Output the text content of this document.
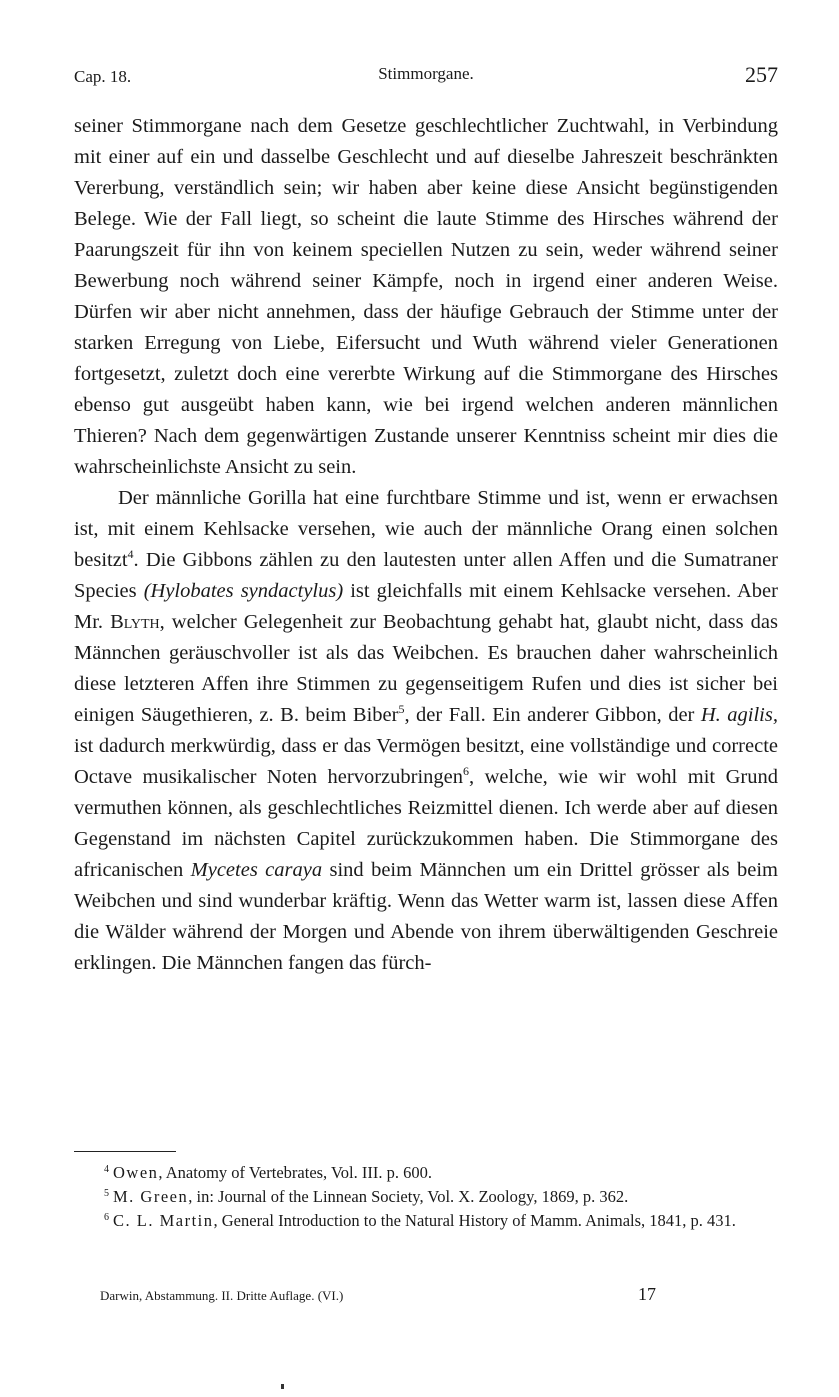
Cap. 18.	Stimmorgane.	257

seiner Stimmorgane nach dem Gesetze geschlechtlicher Zuchtwahl, in Verbindung mit einer auf ein und dasselbe Geschlecht und auf dieselbe Jahreszeit beschränkten Vererbung, verständlich sein; wir haben aber keine diese Ansicht begünstigenden Belege. Wie der Fall liegt, so scheint die laute Stimme des Hirsches während der Paarungszeit für ihn von keinem speciellen Nutzen zu sein, weder während seiner Bewerbung noch während seiner Kämpfe, noch in irgend einer anderen Weise. Dürfen wir aber nicht annehmen, dass der häufige Gebrauch der Stimme unter der starken Erregung von Liebe, Eifersucht und Wuth während vieler Generationen fortgesetzt, zuletzt doch eine vererbte Wirkung auf die Stimmorgane des Hirsches ebenso gut ausgeübt haben kann, wie bei irgend welchen anderen männlichen Thieren? Nach dem gegenwärtigen Zustande unserer Kenntniss scheint mir dies die wahrscheinlichste Ansicht zu sein.

Der männliche Gorilla hat eine furchtbare Stimme und ist, wenn er erwachsen ist, mit einem Kehlsacke versehen, wie auch der männliche Orang einen solchen besitzt$^4$. Die Gibbons zählen zu den lautesten unter allen Affen und die Sumatraner Species (Hylobates syndactylus) ist gleichfalls mit einem Kehlsacke versehen. Aber Mr. Blyth, welcher Gelegenheit zur Beobachtung gehabt hat, glaubt nicht, dass das Männchen geräuschvoller ist als das Weibchen. Es brauchen daher wahrscheinlich diese letzteren Affen ihre Stimmen zu gegenseitigem Rufen und dies ist sicher bei einigen Säugethieren, z. B. beim Biber$^5$, der Fall. Ein anderer Gibbon, der H. agilis, ist dadurch merkwürdig, dass er das Vermögen besitzt, eine vollständige und correcte Octave musikalischer Noten hervorzubringen$^6$, welche, wie wir wohl mit Grund vermuthen können, als geschlechtliches Reizmittel dienen. Ich werde aber auf diesen Gegenstand im nächsten Capitel zurückzukommen haben. Die Stimmorgane des africanischen Mycetes caraya sind beim Männchen um ein Drittel grösser als beim Weibchen und sind wunderbar kräftig. Wenn das Wetter warm ist, lassen diese Affen die Wälder während der Morgen und Abende von ihrem überwältigenden Geschreie erklingen. Die Männchen fangen das fürch-

$^4$ Owen, Anatomy of Vertebrates, Vol. III. p. 600.

$^5$ M. Green, in: Journal of the Linnean Society, Vol. X. Zoology, 1869, p. 362.

$^6$ C. L. Martin, General Introduction to the Natural History of Mamm. Animals, 1841, p. 431.

Darwin, Abstammung. II. Dritte Auflage. (VI.)	17
